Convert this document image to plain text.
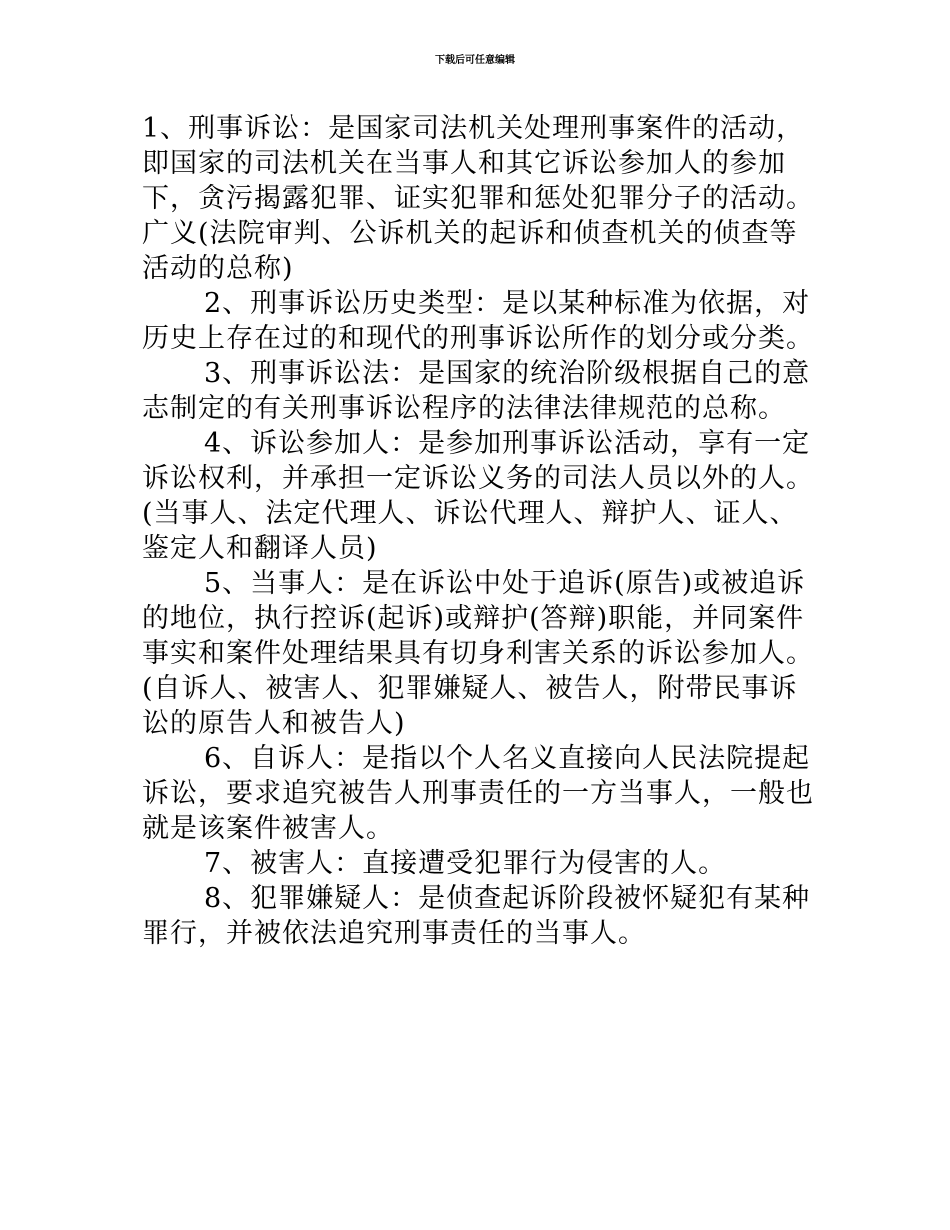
下载后可任意编辑

1、刑事诉讼：是国家司法机关处理刑事案件的活动，即国家的司法机关在当事人和其它诉讼参加人的参加下，贪污揭露犯罪、证实犯罪和惩处犯罪分子的活动。广义(法院审判、公诉机关的起诉和侦查机关的侦查等活动的总称)

2、刑事诉讼历史类型：是以某种标准为依据，对历史上存在过的和现代的刑事诉讼所作的划分或分类。

3、刑事诉讼法：是国家的统治阶级根据自己的意志制定的有关刑事诉讼程序的法律法律规范的总称。

4、诉讼参加人：是参加刑事诉讼活动，享有一定诉讼权利，并承担一定诉讼义务的司法人员以外的人。(当事人、法定代理人、诉讼代理人、辩护人、证人、鉴定人和翻译人员)

5、当事人：是在诉讼中处于追诉(原告)或被追诉的地位，执行控诉(起诉)或辩护(答辩)职能，并同案件事实和案件处理结果具有切身利害关系的诉讼参加人。(自诉人、被害人、犯罪嫌疑人、被告人，附带民事诉讼的原告人和被告人)

6、自诉人：是指以个人名义直接向人民法院提起诉讼，要求追究被告人刑事责任的一方当事人，一般也就是该案件被害人。

7、被害人：直接遭受犯罪行为侵害的人。

8、犯罪嫌疑人：是侦查起诉阶段被怀疑犯有某种罪行，并被依法追究刑事责任的当事人。
